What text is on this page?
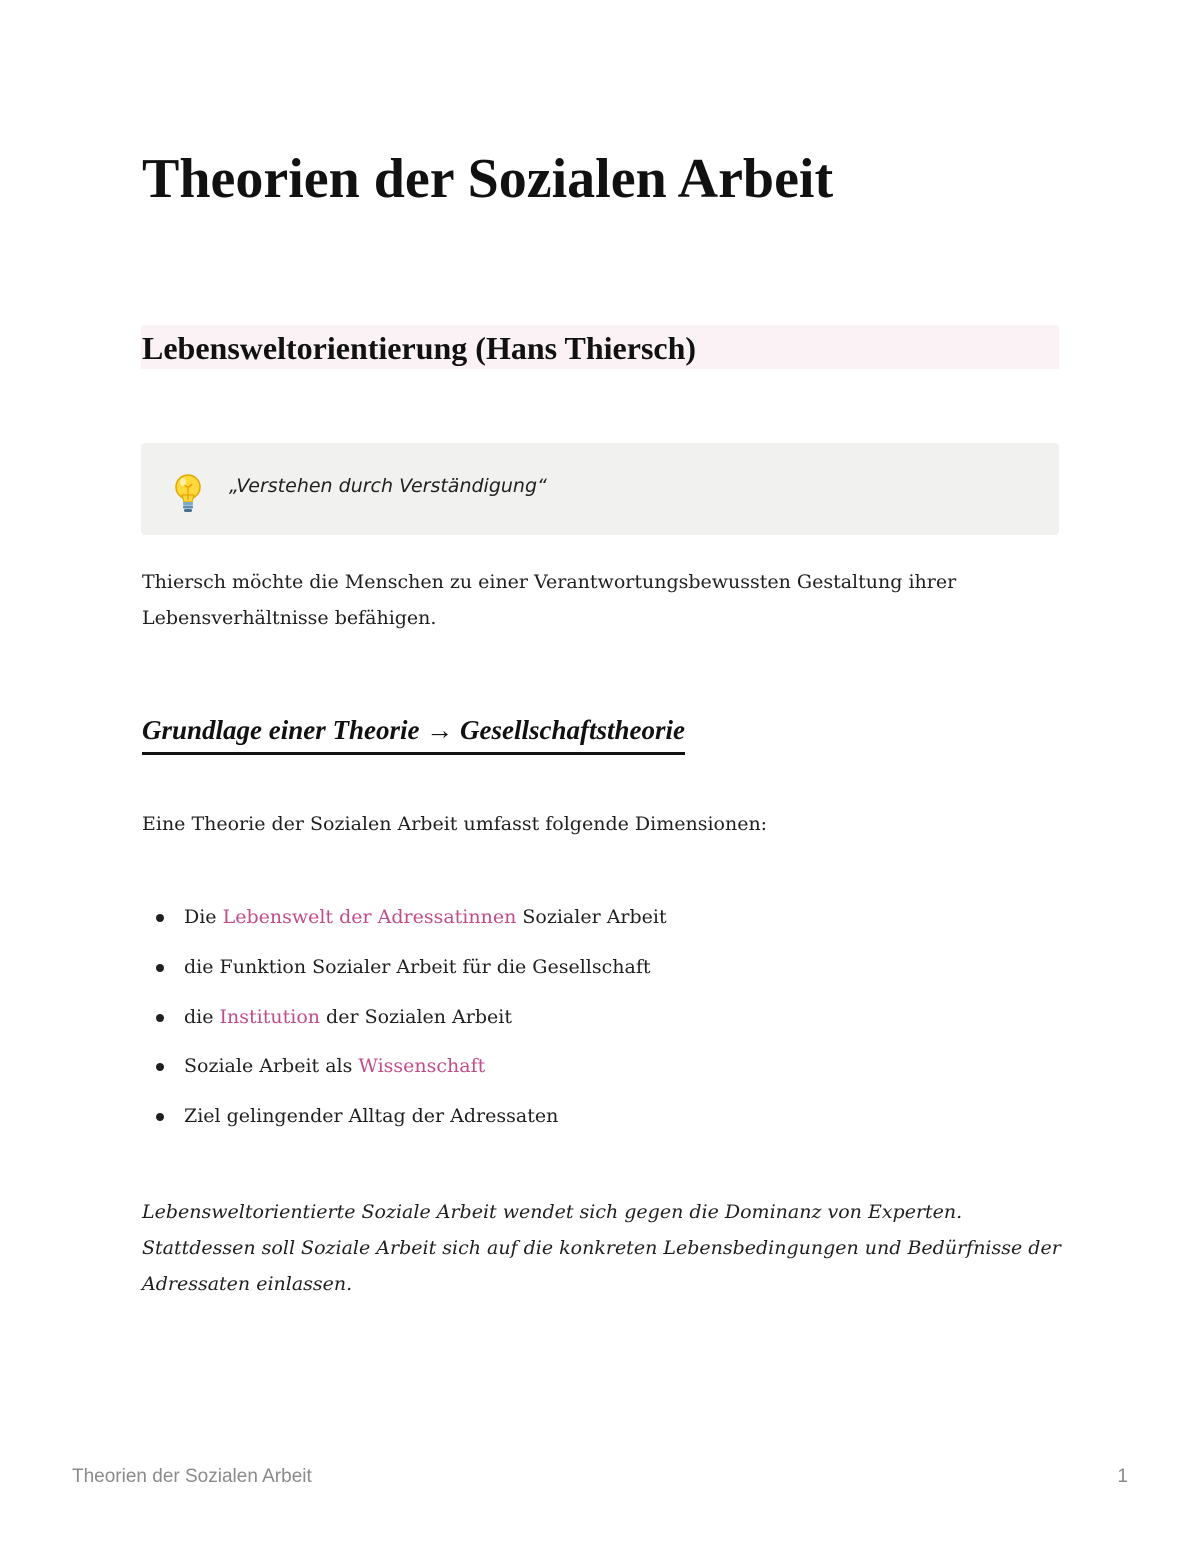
Theorien der Sozialen Arbeit
Lebensweltorientierung (Hans Thiersch)
„Verstehen durch Verständigung“

Thiersch möchte die Menschen zu einer Verantwortungsbewussten Gestaltung ihrer Lebensverhältnisse befähigen.

Grundlage einer Theorie → Gesellschaftstheorie

Eine Theorie der Sozialen Arbeit umfasst folgende Dimensionen:

Die Lebenswelt der Adressatinnen Sozialer Arbeit
die Funktion Sozialer Arbeit für die Gesellschaft
die Institution der Sozialen Arbeit
Soziale Arbeit als Wissenschaft
Ziel gelingender Alltag der Adressaten

Lebensweltorientierte Soziale Arbeit wendet sich gegen die Dominanz von Experten. Stattdessen soll Soziale Arbeit sich auf die konkreten Lebensbedingungen und Bedürfnisse der Adressaten einlassen.

Theorien der Sozialen Arbeit	1
